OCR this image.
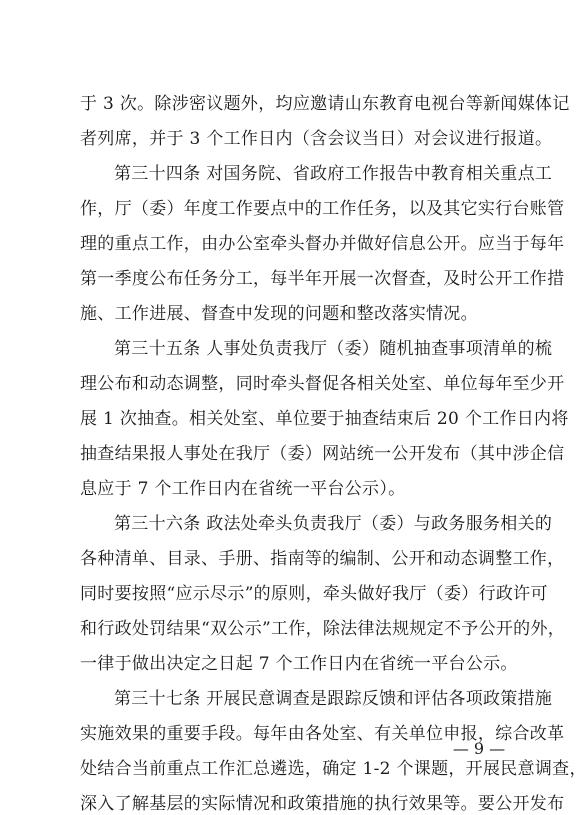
于 3 次。除涉密议题外，均应邀请山东教育电视台等新闻媒体记
者列席，并于 3 个工作日内（含会议当日）对会议进行报道。
第三十四条 对国务院、省政府工作报告中教育相关重点工
作，厅（委）年度工作要点中的工作任务，以及其它实行台账管
理的重点工作，由办公室牵头督办并做好信息公开。应当于每年
第一季度公布任务分工，每半年开展一次督查，及时公开工作措
施、工作进展、督查中发现的问题和整改落实情况。
第三十五条 人事处负责我厅（委）随机抽查事项清单的梳
理公布和动态调整，同时牵头督促各相关处室、单位每年至少开
展 1 次抽查。相关处室、单位要于抽查结束后 20 个工作日内将
抽查结果报人事处在我厅（委）网站统一公开发布（其中涉企信
息应于 7 个工作日内在省统一平台公示）。
第三十六条 政法处牵头负责我厅（委）与政务服务相关的
各种清单、目录、手册、指南等的编制、公开和动态调整工作，
同时要按照“应示尽示”的原则，牵头做好我厅（委）行政许可
和行政处罚结果“双公示”工作，除法律法规规定不予公开的外，
一律于做出决定之日起 7 个工作日内在省统一平台公示。
第三十七条 开展民意调查是跟踪反馈和评估各项政策措施
实施效果的重要手段。每年由各处室、有关单位申报，综合改革
处结合当前重点工作汇总遴选，确定 1-2 个课题，开展民意调查，
深入了解基层的实际情况和政策措施的执行效果等。要公开发布
— 9 —
